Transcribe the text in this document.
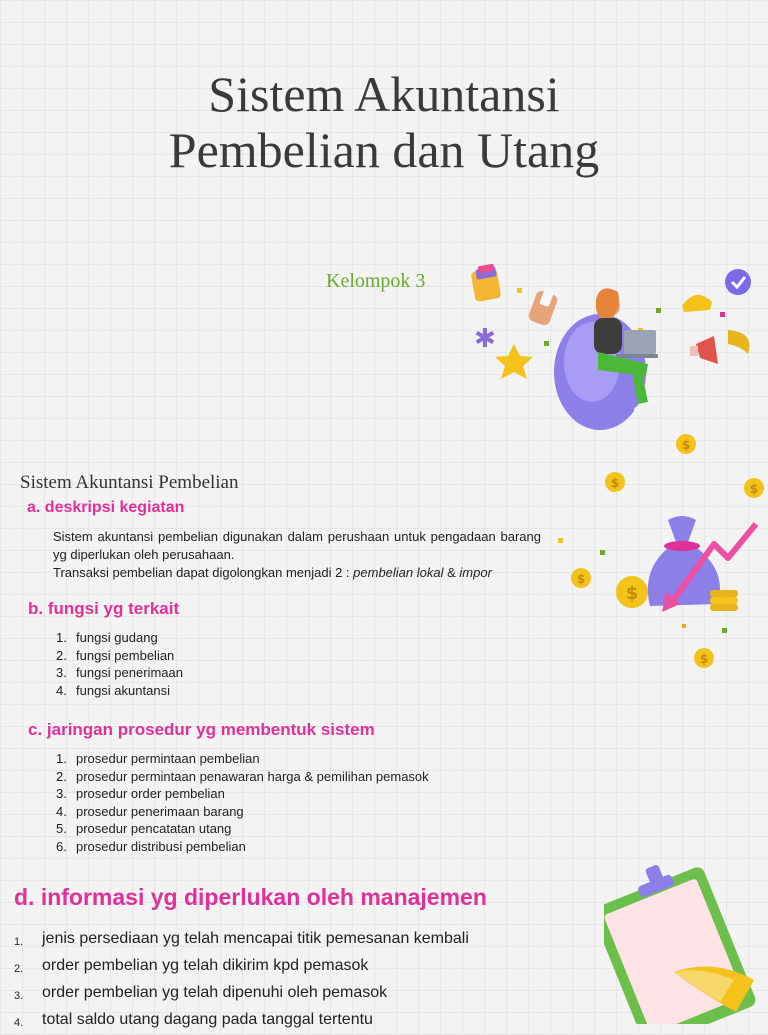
Sistem Akuntansi
Pembelian dan Utang
Kelompok 3
✱
$
Sistem Akuntansi Pembelian
a. deskripsi kegiatan

Sistem akuntansi pembelian digunakan dalam perushaan untuk pengadaan barang yg diperlukan oleh perusahaan.

Transaksi pembelian dapat digolongkan menjadi 2 : pembelian lokal & impor

$	$
$
$
$
b. fungsi yg terkait
1. fungsi gudang
2. fungsi pembelian
3. fungsi penerimaan
4. fungsi akuntansi
c. jaringan prosedur yg membentuk sistem
1. prosedur permintaan pembelian
2. prosedur permintaan penawaran harga & pemilihan pemasok
3. prosedur order pembelian
4. prosedur penerimaan barang
5. prosedur pencatatan utang
6. prosedur distribusi pembelian
d. informasi yg diperlukan oleh manajemen
1.	jenis persediaan yg telah mencapai titik pemesanan kembali
2.	order pembelian yg telah dikirim kpd pemasok
3.	order pembelian yg telah dipenuhi oleh pemasok
4.	total saldo utang dagang pada tanggal tertentu
